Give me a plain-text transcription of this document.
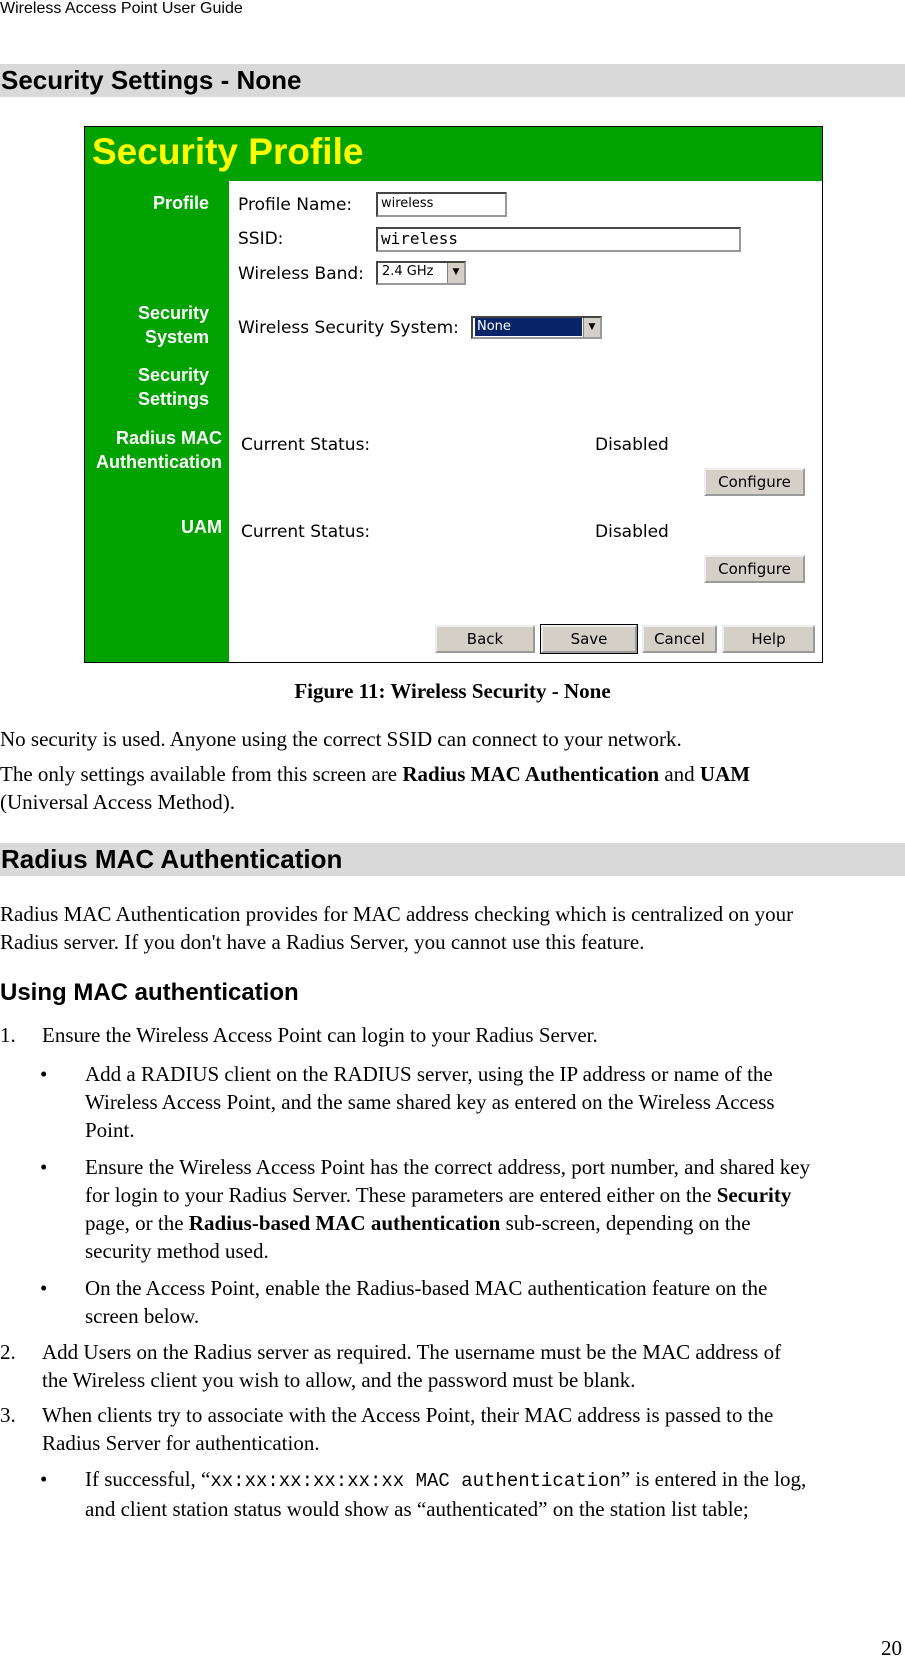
Wireless Access Point User Guide
Security Settings - None
Security Profile
Profile
Security
System
Security
Settings
Radius MAC
Authentication
UAM
Profile Name:	wireless
SSID:	wireless
Wireless Band: 2.4 GHz	▼
Wireless Security System: None	▼
Current Status:	Disabled
Configure
Current Status:	Disabled
Configure
Back	Save	Cancel	Help
Figure 11: Wireless Security - None
No security is used. Anyone using the correct SSID can connect to your network.
The only settings available from this screen are Radius MAC Authentication and UAM
(Universal Access Method).
Radius MAC Authentication
Radius MAC Authentication provides for MAC address checking which is centralized on your
Radius server. If you don't have a Radius Server, you cannot use this feature.
Using MAC authentication
1. Ensure the Wireless Access Point can login to your Radius Server.
• Add a RADIUS client on the RADIUS server, using the IP address or name of the
Wireless Access Point, and the same shared key as entered on the Wireless Access
Point.
• Ensure the Wireless Access Point has the correct address, port number, and shared key
for login to your Radius Server. These parameters are entered either on the Security
page, or the Radius-based MAC authentication sub-screen, depending on the
security method used.
• On the Access Point, enable the Radius-based MAC authentication feature on the
screen below.
2. Add Users on the Radius server as required. The username must be the MAC address of
the Wireless client you wish to allow, and the password must be blank.
3. When clients try to associate with the Access Point, their MAC address is passed to the
Radius Server for authentication.
• If successful, “xx:xx:xx:xx:xx:xx MAC authentication” is entered in the log,
and client station status would show as “authenticated” on the station list table;
20
